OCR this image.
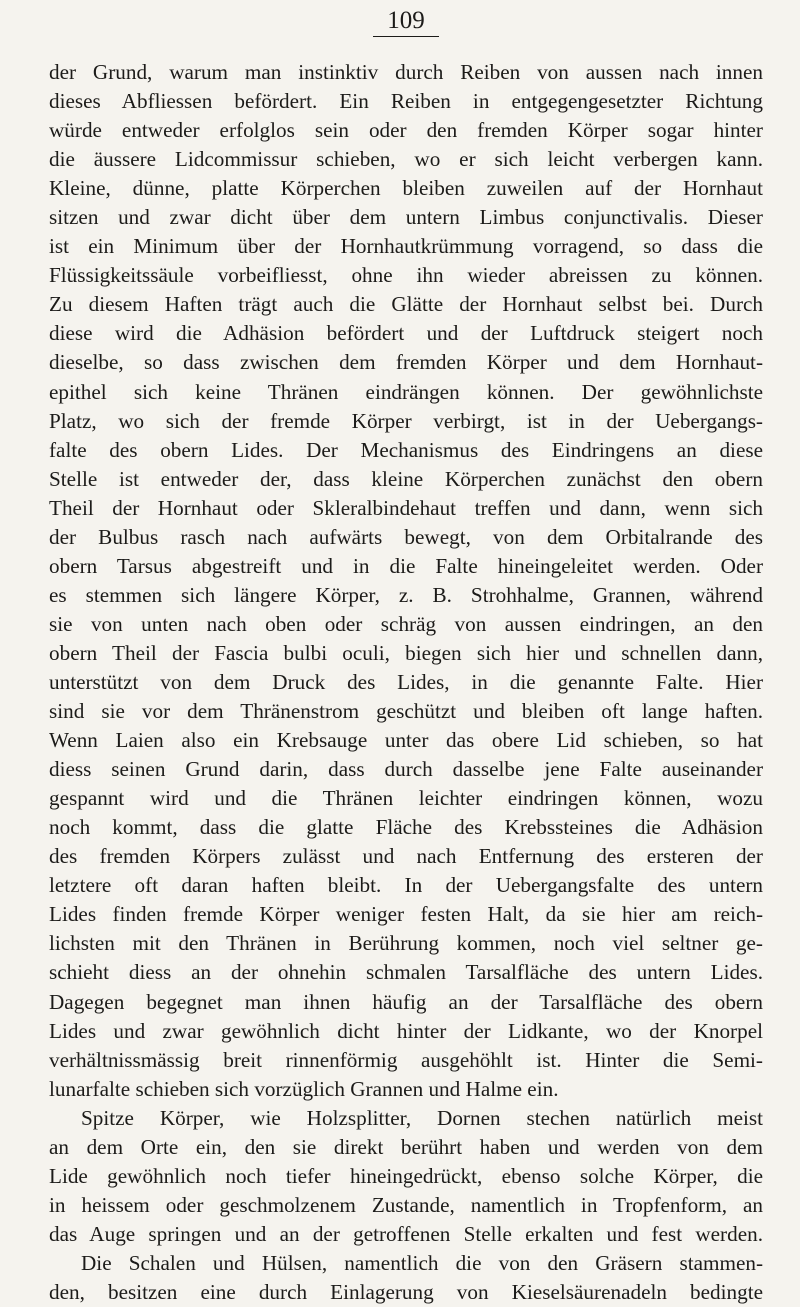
109
der Grund, warum man instinktiv durch Reiben von aussen nach innen
dieses Abfliessen befördert. Ein Reiben in entgegengesetzter Richtung
würde entweder erfolglos sein oder den fremden Körper sogar hinter
die äussere Lidcommissur schieben, wo er sich leicht verbergen kann.
Kleine, dünne, platte Körperchen bleiben zuweilen auf der Hornhaut
sitzen und zwar dicht über dem untern Limbus conjunctivalis. Dieser
ist ein Minimum über der Hornhautkrümmung vorragend, so dass die
Flüssigkeitssäule vorbeifliesst, ohne ihn wieder abreissen zu können.
Zu diesem Haften trägt auch die Glätte der Hornhaut selbst bei. Durch
diese wird die Adhäsion befördert und der Luftdruck steigert noch
dieselbe, so dass zwischen dem fremden Körper und dem Hornhaut-
epithel sich keine Thränen eindrängen können. Der gewöhnlichste
Platz, wo sich der fremde Körper verbirgt, ist in der Uebergangs-
falte des obern Lides. Der Mechanismus des Eindringens an diese
Stelle ist entweder der, dass kleine Körperchen zunächst den obern
Theil der Hornhaut oder Skleralbindehaut treffen und dann, wenn sich
der Bulbus rasch nach aufwärts bewegt, von dem Orbitalrande des
obern Tarsus abgestreift und in die Falte hineingeleitet werden. Oder
es stemmen sich längere Körper, z. B. Strohhalme, Grannen, während
sie von unten nach oben oder schräg von aussen eindringen, an den
obern Theil der Fascia bulbi oculi, biegen sich hier und schnellen dann,
unterstützt von dem Druck des Lides, in die genannte Falte. Hier
sind sie vor dem Thränenstrom geschützt und bleiben oft lange haften.
Wenn Laien also ein Krebsauge unter das obere Lid schieben, so hat
diess seinen Grund darin, dass durch dasselbe jene Falte auseinander
gespannt wird und die Thränen leichter eindringen können, wozu
noch kommt, dass die glatte Fläche des Krebssteines die Adhäsion
des fremden Körpers zulässt und nach Entfernung des ersteren der
letztere oft daran haften bleibt. In der Uebergangsfalte des untern
Lides finden fremde Körper weniger festen Halt, da sie hier am reich-
lichsten mit den Thränen in Berührung kommen, noch viel seltner ge-
schieht diess an der ohnehin schmalen Tarsalfläche des untern Lides.
Dagegen begegnet man ihnen häufig an der Tarsalfläche des obern
Lides und zwar gewöhnlich dicht hinter der Lidkante, wo der Knorpel
verhältnissmässig breit rinnenförmig ausgehöhlt ist. Hinter die Semi-
lunarfalte schieben sich vorzüglich Grannen und Halme ein.
Spitze Körper, wie Holzsplitter, Dornen stechen natürlich meist
an dem Orte ein, den sie direkt berührt haben und werden von dem
Lide gewöhnlich noch tiefer hineingedrückt, ebenso solche Körper, die
in heissem oder geschmolzenem Zustande, namentlich in Tropfenform, an
das Auge springen und an der getroffenen Stelle erkalten und fest werden.
Die Schalen und Hülsen, namentlich die von den Gräsern stammen-
den, besitzen eine durch Einlagerung von Kieselsäurenadeln bedingte
